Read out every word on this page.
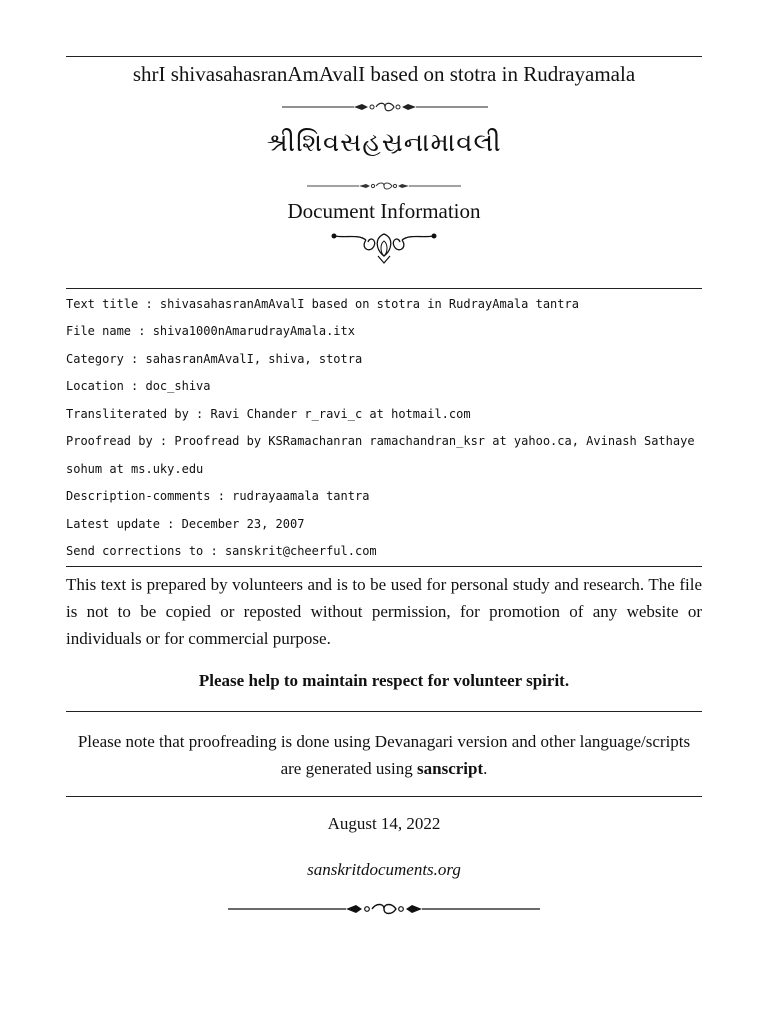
shrI shivasahasranAmAvalI based on stotra in Rudrayamala
શ્રીશિવસહસ્રનામાવલી
Document Information
Text title : shivasahasranAmAvalI based on stotra in RudrayAmala tantra
File name : shiva1000nAmarudrayAmala.itx
Category : sahasranAmAvalI, shiva, stotra
Location : doc_shiva
Transliterated by : Ravi Chander r_ravi_c at hotmail.com
Proofread by : Proofread by KSRamachanran ramachandran_ksr at yahoo.ca, Avinash Sathaye
sohum at ms.uky.edu
Description-comments : rudrayaamala tantra
Latest update : December 23, 2007
Send corrections to : sanskrit@cheerful.com
This text is prepared by volunteers and is to be used for personal study and research. The file is not to be copied or reposted without permission, for promotion of any website or individuals or for commercial purpose.
Please help to maintain respect for volunteer spirit.
Please note that proofreading is done using Devanagari version and other language/scripts are generated using sanscript.
August 14, 2022
sanskritdocuments.org
